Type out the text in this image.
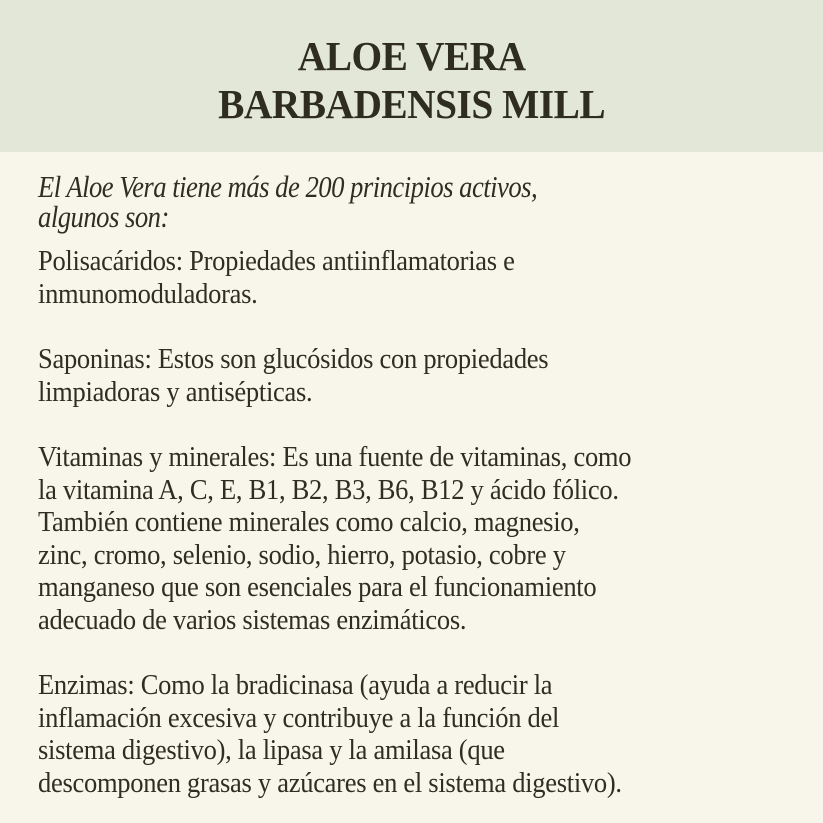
ALOE VERA
BARBADENSIS MILL
El Aloe Vera tiene más de 200 principios activos,
algunos son:
Polisacáridos: Propiedades antiinflamatorias e
inmunomoduladoras.
Saponinas: Estos son glucósidos con propiedades
limpiadoras y antisépticas.
Vitaminas y minerales: Es una fuente de vitaminas, como
la vitamina A, C, E, B1, B2, B3, B6, B12 y ácido fólico.
También contiene minerales como calcio, magnesio,
zinc, cromo, selenio, sodio, hierro, potasio, cobre y
manganeso que son esenciales para el funcionamiento
adecuado de varios sistemas enzimáticos.
Enzimas: Como la bradicinasa (ayuda a reducir la
inflamación excesiva y contribuye a la función del
sistema digestivo), la lipasa y la amilasa (que
descomponen grasas y azúcares en el sistema digestivo).
